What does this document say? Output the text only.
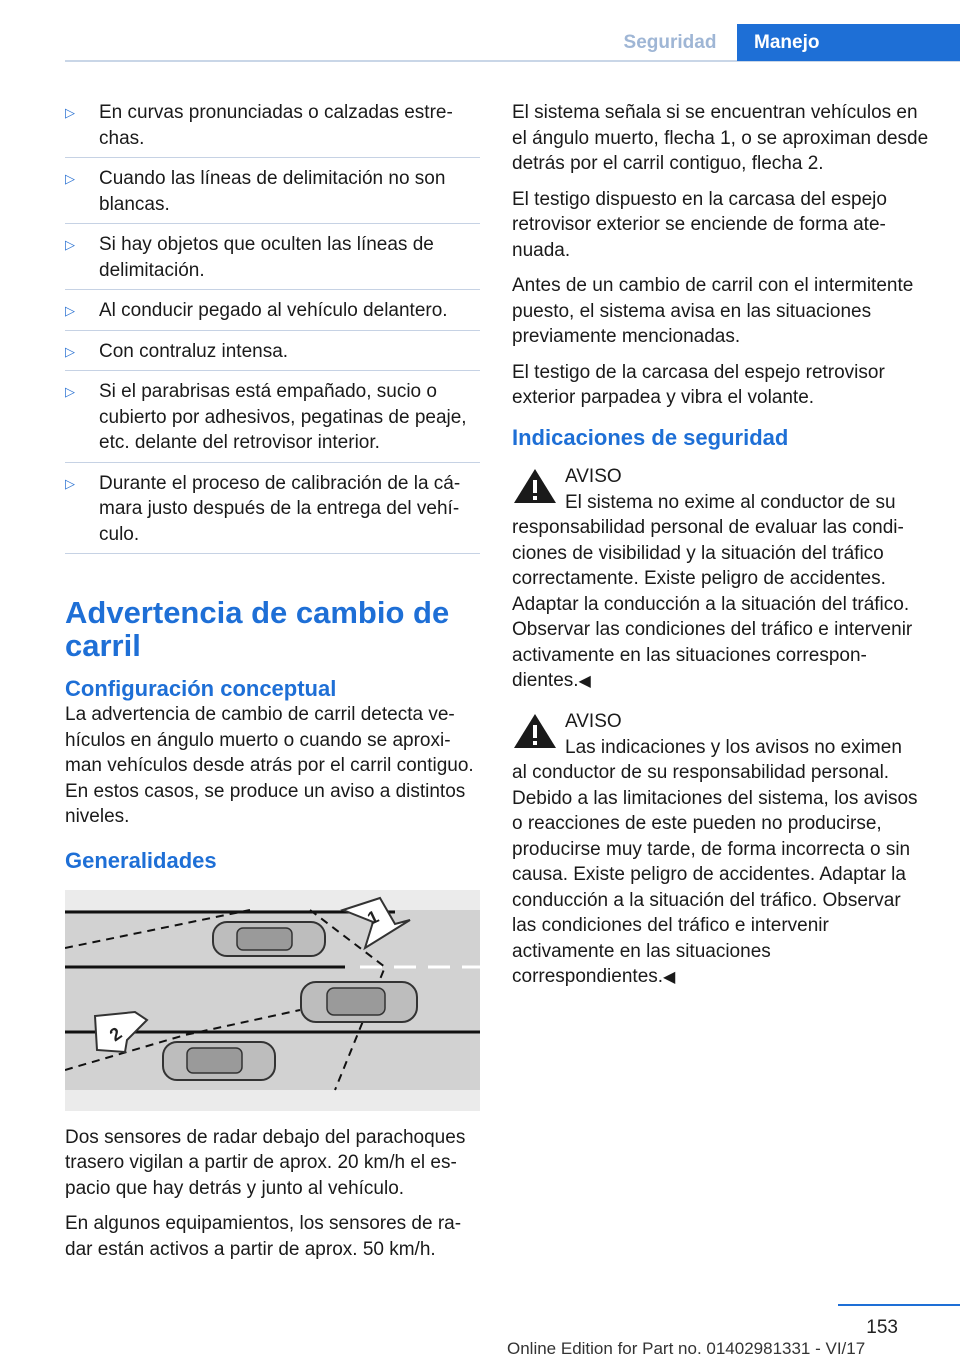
Seguridad	Manejo
▷ En curvas pronunciadas o calzadas estrechas.
▷ Cuando las líneas de delimitación no son blancas.
▷ Si hay objetos que oculten las líneas de delimitación.
▷ Al conducir pegado al vehículo delantero.
▷ Con contraluz intensa.
▷ Si el parabrisas está empañado, sucio o cubierto por adhesivos, pegatinas de peaje, etc. delante del retrovisor interior.
▷ Durante el proceso de calibración de la cámara justo después de la entrega del vehículo.
Advertencia de cambio de carril
Configuración conceptual

La advertencia de cambio de carril detecta vehículos en ángulo muerto o cuando se aproximan vehículos desde atrás por el carril contiguo. En estos casos, se produce un aviso a distintos niveles.

Generalidades
1
2

Dos sensores de radar debajo del parachoques trasero vigilan a partir de aprox. 20 km/h el espacio que hay detrás y junto al vehículo.

En algunos equipamientos, los sensores de radar están activos a partir de aprox. 50 km/h.

El sistema señala si se encuentran vehículos en el ángulo muerto, flecha 1, o se aproximan desde detrás por el carril contiguo, flecha 2.

El testigo dispuesto en la carcasa del espejo retrovisor exterior se enciende de forma atenuada.

Antes de un cambio de carril con el intermitente puesto, el sistema avisa en las situaciones previamente mencionadas.

El testigo de la carcasa del espejo retrovisor exterior parpadea y vibra el volante.

Indicaciones de seguridad
AVISO
El sistema no exime al conductor de su
responsabilidad personal de evaluar las condiciones de visibilidad y la situación del tráfico correctamente. Existe peligro de accidentes. Adaptar la conducción a la situación del tráfico. Observar las condiciones del tráfico e intervenir activamente en las situaciones correspondientes.◀
AVISO
Las indicaciones y los avisos no eximen
al conductor de su responsabilidad personal. Debido a las limitaciones del sistema, los avisos o reacciones de este pueden no producirse, producirse muy tarde, de forma incorrecta o sin causa. Existe peligro de accidentes. Adaptar la conducción a la situación del tráfico. Observar las condiciones del tráfico e intervenir activamente en las situaciones correspondientes.◀
153
Online Edition for Part no. 01402981331 - VI/17
